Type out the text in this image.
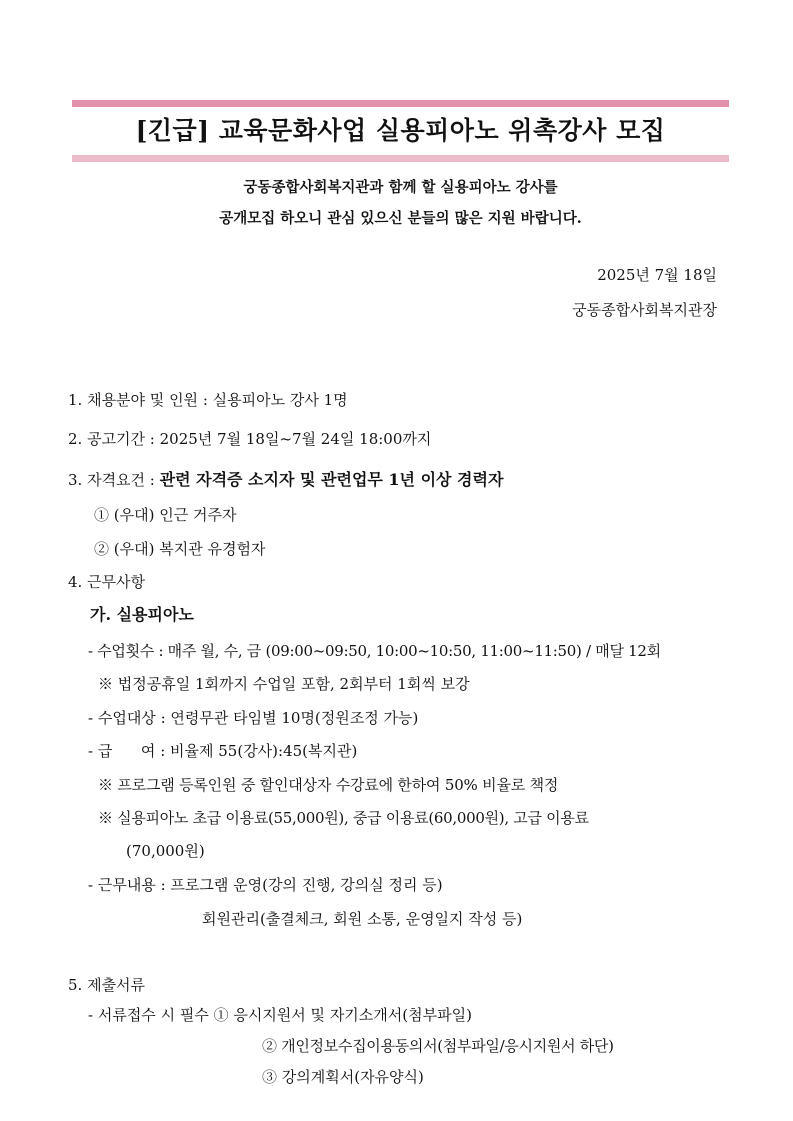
[긴급] 교육문화사업 실용피아노 위촉강사 모집
궁동종합사회복지관과 함께 할 실용피아노 강사를
공개모집 하오니 관심 있으신 분들의 많은 지원 바랍니다.
2025년 7월 18일
궁동종합사회복지관장
1. 채용분야 및 인원 : 실용피아노 강사 1명
2. 공고기간 : 2025년 7월 18일~7월 24일 18:00까지
3. 자격요건 : 관련 자격증 소지자 및 관련업무 1년 이상 경력자
① (우대) 인근 거주자
② (우대) 복지관 유경험자
4. 근무사항
가. 실용피아노
- 수업횟수 : 매주 월, 수, 금 (09:00~09:50, 10:00~10:50, 11:00~11:50) / 매달 12회
※ 법정공휴일 1회까지 수업일 포함, 2회부터 1회씩 보강
- 수업대상 : 연령무관 타임별 10명(정원조정 가능)
- 급      여 : 비율제 55(강사):45(복지관)
※ 프로그램 등록인원 중 할인대상자 수강료에 한하여 50% 비율로 책정
※ 실용피아노 초급 이용료(55,000원), 중급 이용료(60,000원), 고급 이용료
(70,000원)
- 근무내용 : 프로그램 운영(강의 진행, 강의실 정리 등)
회원관리(출결체크, 회원 소통, 운영일지 작성 등)
5. 제출서류
- 서류접수 시 필수 ① 응시지원서 및 자기소개서(첨부파일)
② 개인정보수집이용동의서(첨부파일/응시지원서 하단)
③ 강의계획서(자유양식)
